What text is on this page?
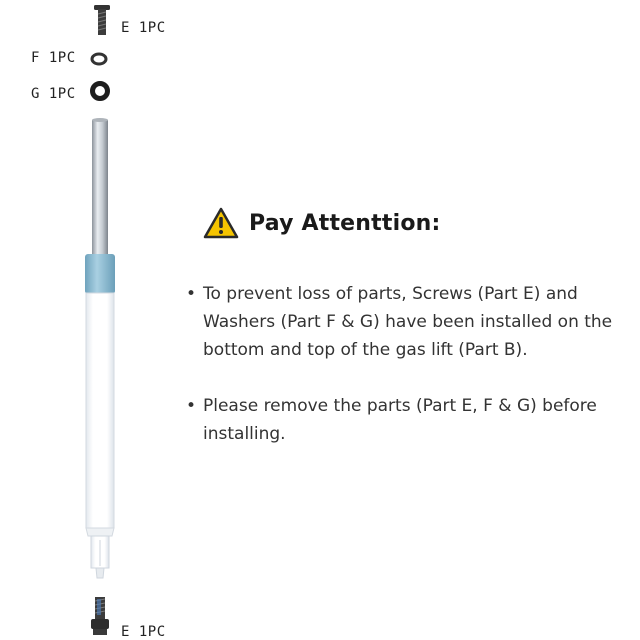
E 1PC
F 1PC
G 1PC
E 1PC
Pay Attenttion:
• To prevent loss of parts, Screws (Part E) and Washers (Part F & G) have been installed on the bottom and top of the gas lift (Part B).
• Please remove the parts (Part E, F & G) before installing.
